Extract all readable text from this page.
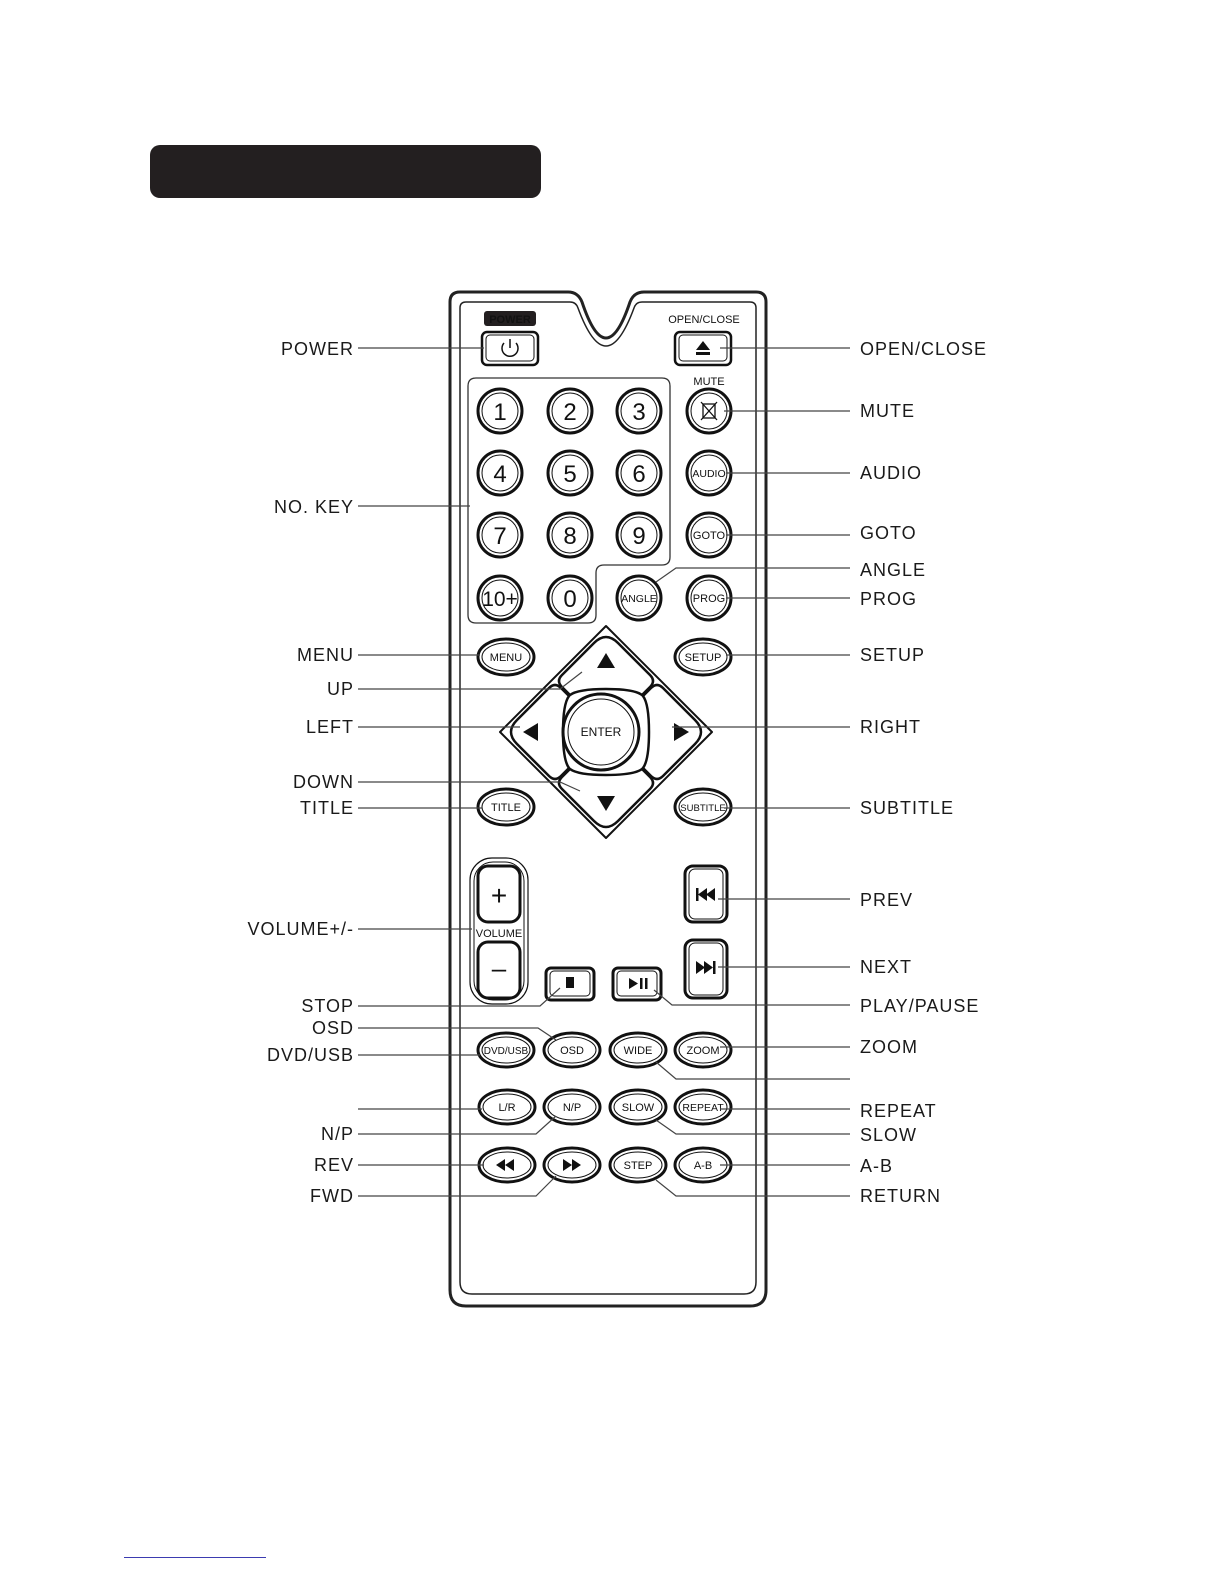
POWER	OPEN/CLOSE
MUTE
1 2 3
4 5 6
7 8 9
10+ 0
AUDIO
GOTO
ANGLE	PROG
MENU	SETUP
ENTER
TITLE	SUBTITLE
+
VOLUME
–
DVD/USB	OSD	WIDE	ZOOM
L/R	N/P	SLOW	REPEAT
STEP	A-B
POWER
NO. KEY
MENU
UP
LEFT
DOWN
TITLE
VOLUME+/-
STOP
OSD
DVD/USB
N/P
REV
FWD
OPEN/CLOSE
MUTE
AUDIO
GOTO
ANGLE
PROG
SETUP
RIGHT
SUBTITLE
PREV
NEXT
PLAY/PAUSE
ZOOM
REPEAT
SLOW
A-B
RETURN
